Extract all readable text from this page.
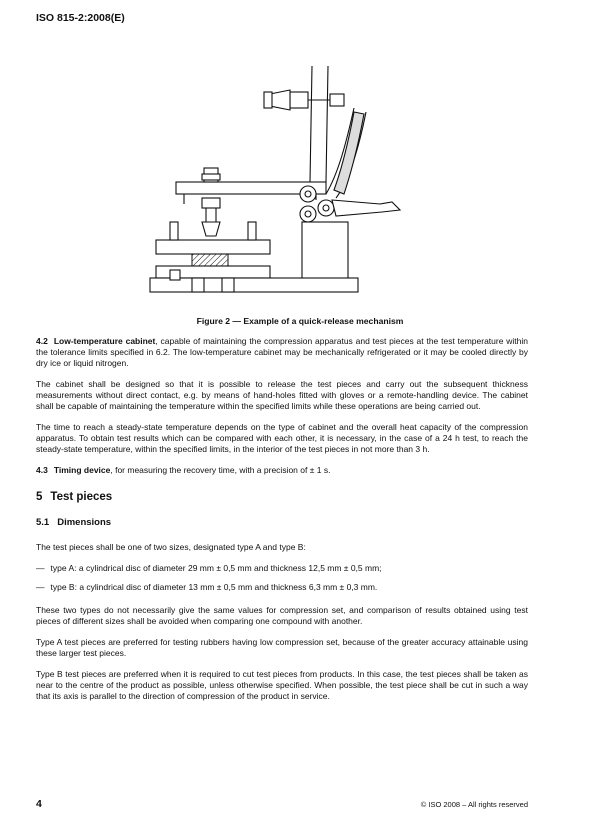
ISO 815-2:2008(E)
Figure 2 — Example of a quick-release mechanism

4.2 Low-temperature cabinet, capable of maintaining the compression apparatus and test pieces at the test temperature within the tolerance limits specified in 6.2. The low-temperature cabinet may be mechanically refrigerated or it may be cooled directly by dry ice or liquid nitrogen.

The cabinet shall be designed so that it is possible to release the test pieces and carry out the subsequent thickness measurements without direct contact, e.g. by means of hand-holes fitted with gloves or a remote-handling device. The cabinet shall be capable of maintaining the temperature within the specified limits while these operations are being carried out.

The time to reach a steady-state temperature depends on the type of cabinet and the overall heat capacity of the compression apparatus. To obtain test results which can be compared with each other, it is necessary, in the case of a 24 h test, to reach the steady-state temperature, within the specified limits, in the interior of the test pieces in not more than 3 h.

4.3 Timing device, for measuring the recovery time, with a precision of ± 1 s.

5 Test pieces
5.1 Dimensions

The test pieces shall be one of two sizes, designated type A and type B:

— type A: a cylindrical disc of diameter 29 mm ± 0,5 mm and thickness 12,5 mm ± 0,5 mm;
— type B: a cylindrical disc of diameter 13 mm ± 0,5 mm and thickness 6,3 mm ± 0,3 mm.

These two types do not necessarily give the same values for compression set, and comparison of results obtained using test pieces of different sizes shall be avoided when comparing one compound with another.

Type A test pieces are preferred for testing rubbers having low compression set, because of the greater accuracy attainable using these larger test pieces.

Type B test pieces are preferred when it is required to cut test pieces from products. In this case, the test pieces shall be taken as near to the centre of the product as possible, unless otherwise specified. When possible, the test piece shall be cut in such a way that its axis is parallel to the direction of compression of the product in service.

4	© ISO 2008 – All rights reserved
